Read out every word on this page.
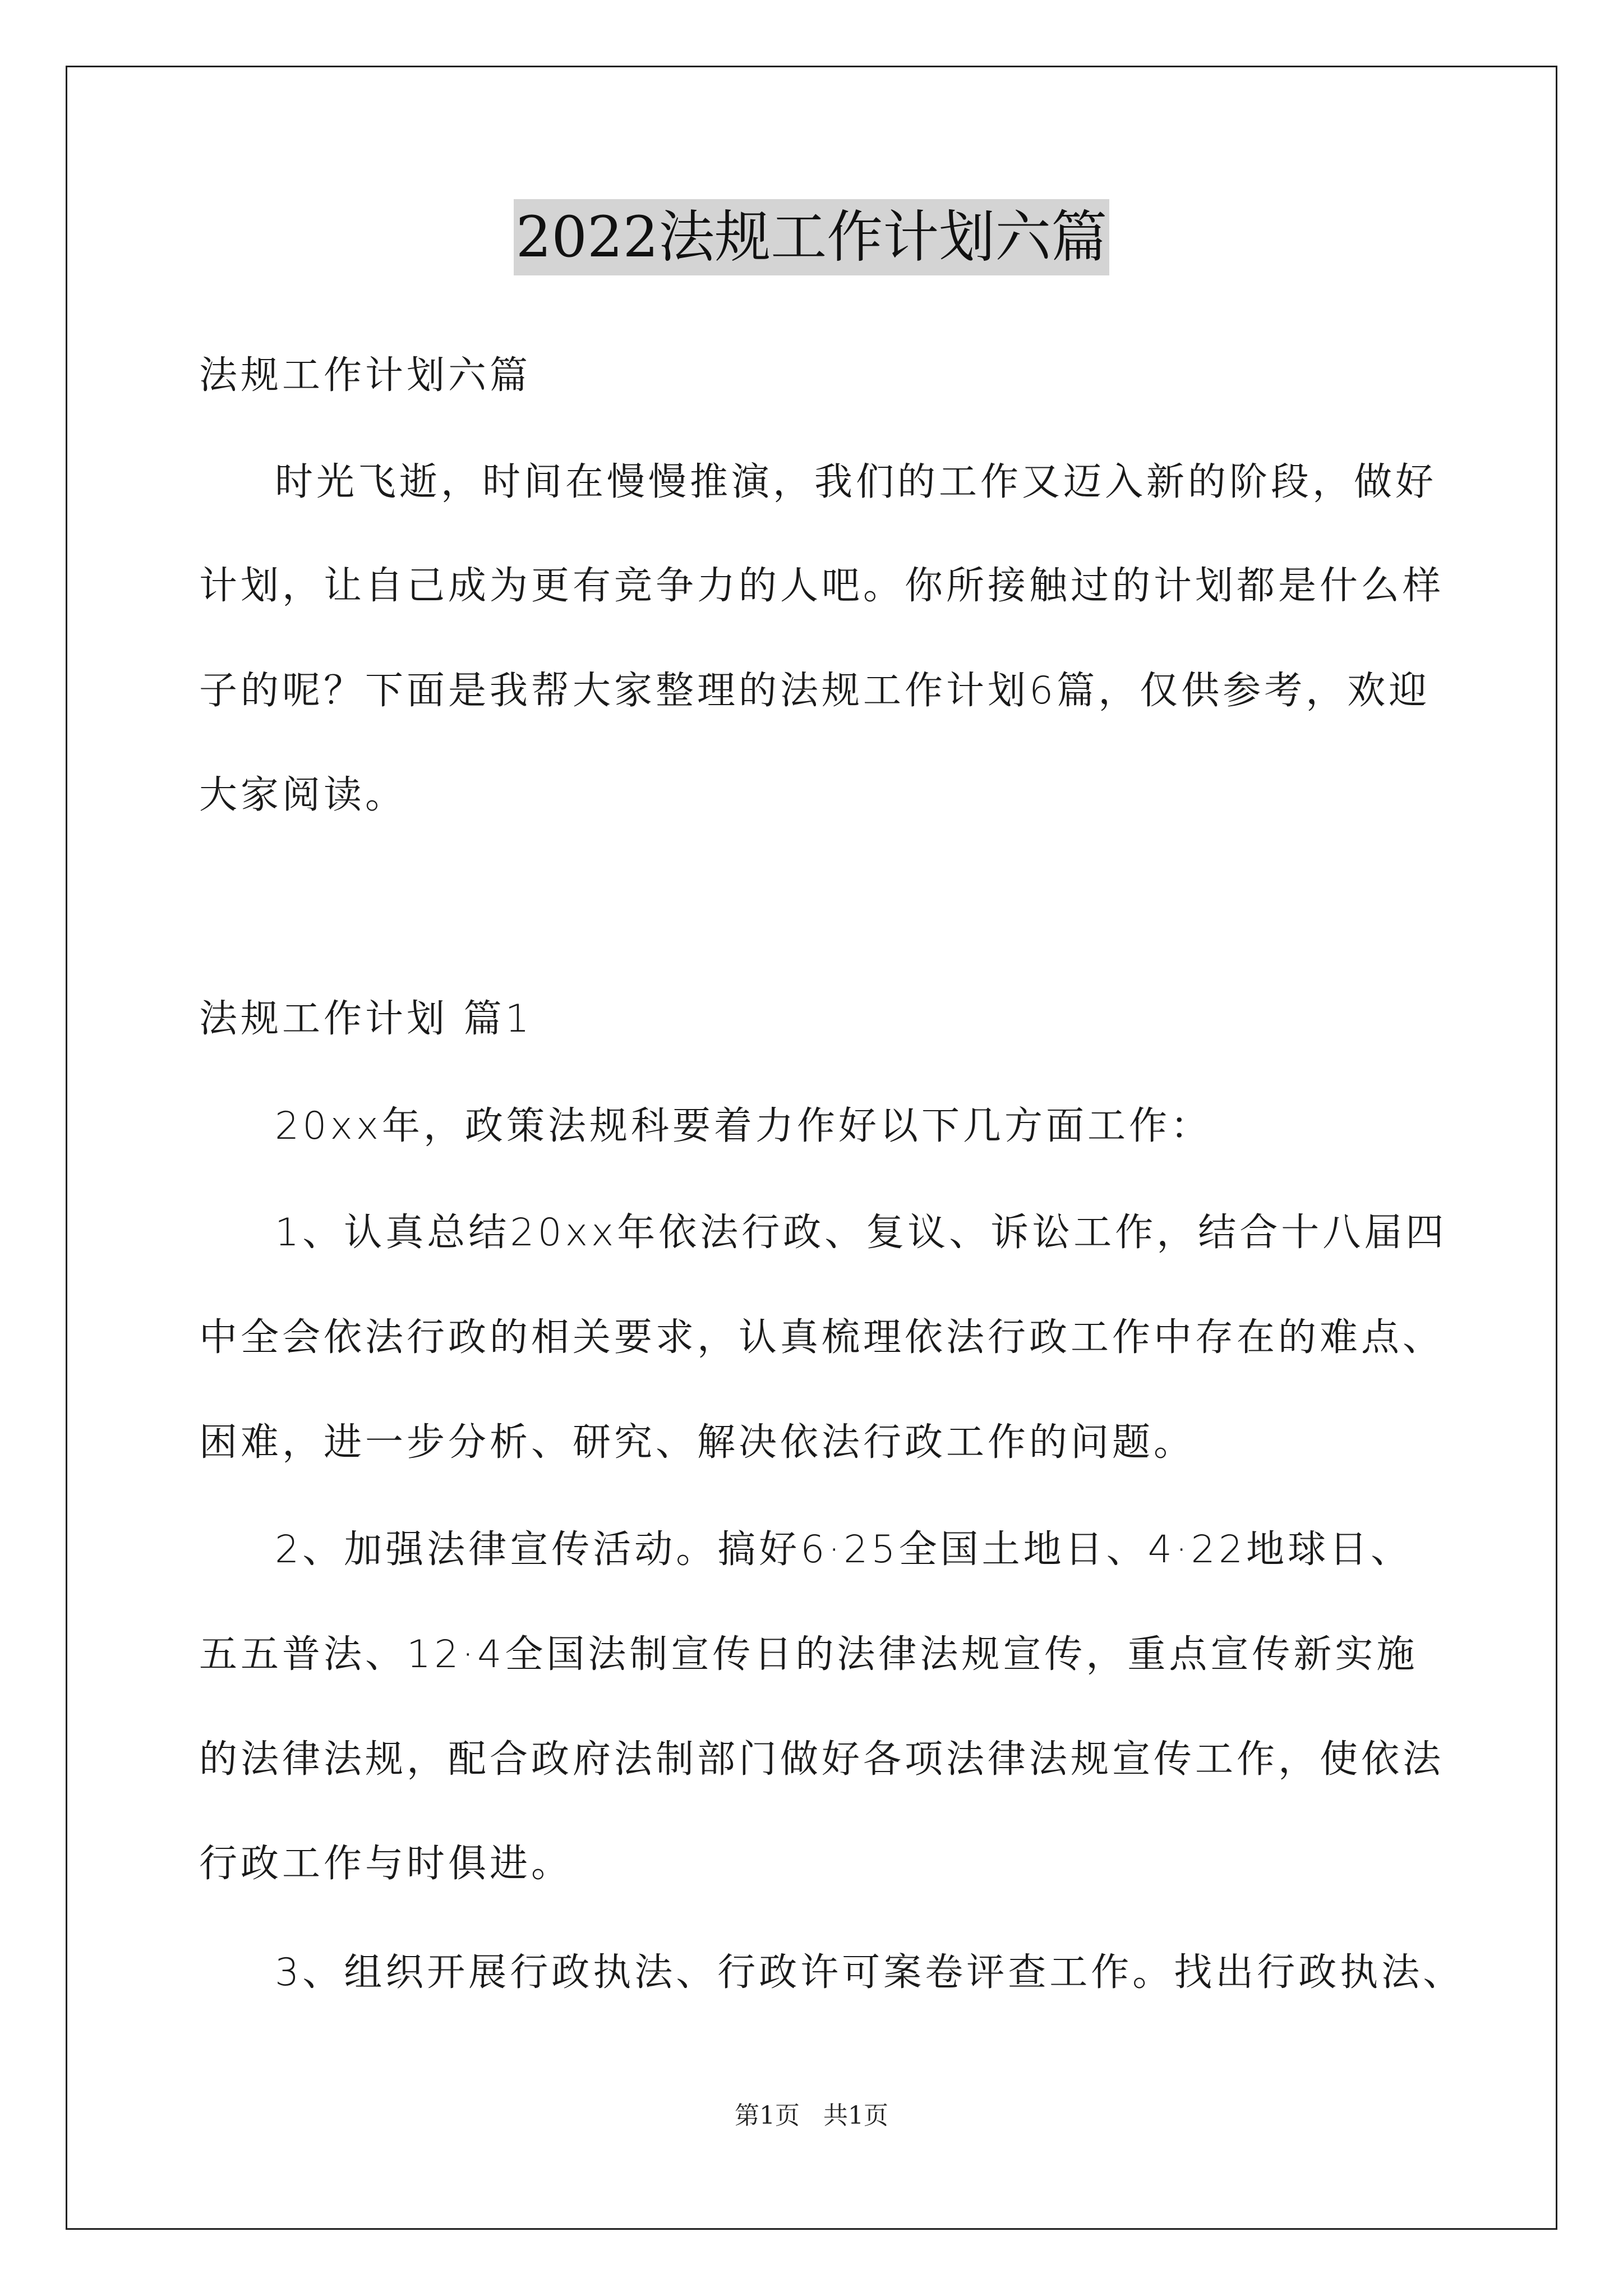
2022法规工作计划六篇
法规工作计划六篇
时光飞逝，时间在慢慢推演，我们的工作又迈入新的阶段，做好
计划，让自己成为更有竞争力的人吧。你所接触过的计划都是什么样
子的呢？下面是我帮大家整理的法规工作计划6篇，仅供参考，欢迎
大家阅读。
法规工作计划 篇1
20xx年，政策法规科要着力作好以下几方面工作：
1、认真总结20xx年依法行政、复议、诉讼工作，结合十八届四
中全会依法行政的相关要求，认真梳理依法行政工作中存在的难点、
困难，进一步分析、研究、解决依法行政工作的问题。
2、加强法律宣传活动。搞好6·25全国土地日、4·22地球日、
五五普法、12·4全国法制宣传日的法律法规宣传，重点宣传新实施
的法律法规，配合政府法制部门做好各项法律法规宣传工作，使依法
行政工作与时俱进。
3、组织开展行政执法、行政许可案卷评查工作。找出行政执法、
第1页 共1页
